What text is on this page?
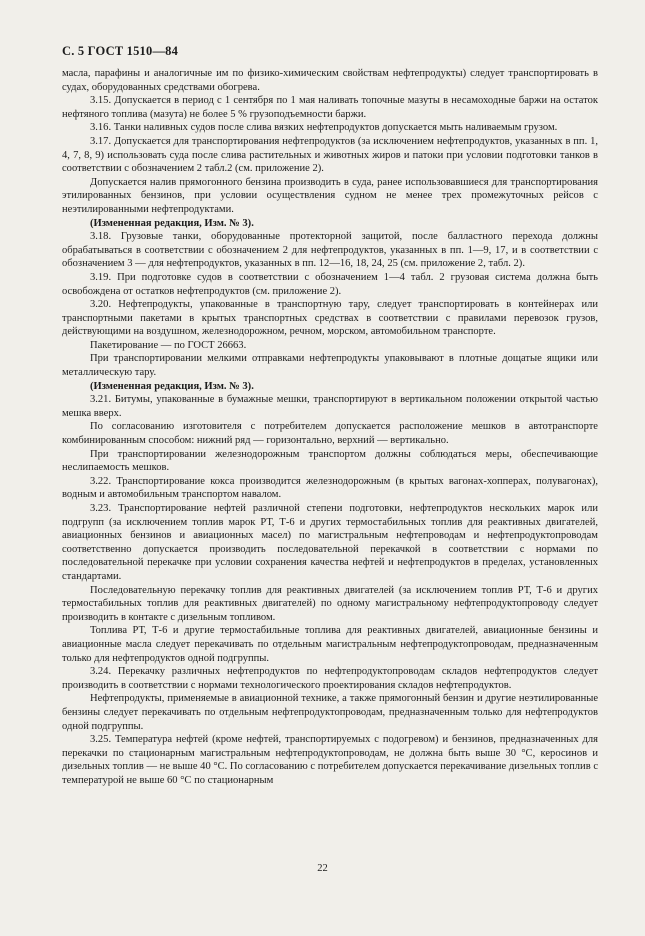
С. 5 ГОСТ 1510—84

масла, парафины и аналогичные им по физико-химическим свойствам нефтепродукты) следует транспортировать в судах, оборудованных средствами обогрева.

3.15. Допускается в период с 1 сентября по 1 мая наливать топочные мазуты в несамоходные баржи на остаток нефтяного топлива (мазута) не более 5 % грузоподъемности баржи.

3.16. Танки наливных судов после слива вязких нефтепродуктов допускается мыть наливаемым грузом.

3.17. Допускается для транспортирования нефтепродуктов (за исключением нефтепродуктов, указанных в пп. 1, 4, 7, 8, 9) использовать суда после слива растительных и животных жиров и патоки при условии подготовки танков в соответствии с обозначением 2 табл.2 (см. приложение 2).

Допускается налив прямогонного бензина производить в суда, ранее использовавшиеся для транспортирования этилированных бензинов, при условии осуществления судном не менее трех промежуточных рейсов с неэтилированными нефтепродуктами.

(Измененная редакция, Изм. № 3).

3.18. Грузовые танки, оборудованные протекторной защитой, после балластного перехода должны обрабатываться в соответствии с обозначением 2 для нефтепродуктов, указанных в пп. 1—9, 17, и в соответствии с обозначением 3 — для нефтепродуктов, указанных в пп. 12—16, 18, 24, 25 (см. приложение 2, табл. 2).

3.19. При подготовке судов в соответствии с обозначением 1—4 табл. 2 грузовая система должна быть освобождена от остатков нефтепродуктов (см. приложение 2).

3.20. Нефтепродукты, упакованные в транспортную тару, следует транспортировать в контейнерах или транспортными пакетами в крытых транспортных средствах в соответствии с правилами перевозок грузов, действующими на воздушном, железнодорожном, речном, морском, автомобильном транспорте.

Пакетирование — по ГОСТ 26663.

При транспортировании мелкими отправками нефтепродукты упаковывают в плотные дощатые ящики или металлическую тару.

(Измененная редакция, Изм. № 3).

3.21. Битумы, упакованные в бумажные мешки, транспортируют в вертикальном положении открытой частью мешка вверх.

По согласованию изготовителя с потребителем допускается расположение мешков в автотранспорте комбинированным способом: нижний ряд — горизонтально, верхний — вертикально.

При транспортировании железнодорожным транспортом должны соблюдаться меры, обеспечивающие неслипаемость мешков.

3.22. Транспортирование кокса производится железнодорожным (в крытых вагонах-хопперах, полувагонах), водным и автомобильным транспортом навалом.

3.23. Транспортирование нефтей различной степени подготовки, нефтепродуктов нескольких марок или подгрупп (за исключением топлив марок РТ, Т-6 и других термостабильных топлив для реактивных двигателей, авиационных бензинов и авиационных масел) по магистральным нефтепроводам и нефтепродуктопроводам соответственно допускается производить последовательной перекачкой в соответствии с нормами по последовательной перекачке при условии сохранения качества нефтей и нефтепродуктов в пределах, установленных стандартами.

Последовательную перекачку топлив для реактивных двигателей (за исключением топлив РТ, Т-6 и других термостабильных топлив для реактивных двигателей) по одному магистральному нефтепродуктопроводу следует производить в контакте с дизельным топливом.

Топлива РТ, Т-6 и другие термостабильные топлива для реактивных двигателей, авиационные бензины и авиационные масла следует перекачивать по отдельным магистральным нефтепродуктопроводам, предназначенным только для нефтепродуктов одной подгруппы.

3.24. Перекачку различных нефтепродуктов по нефтепродуктопроводам складов нефтепродуктов следует производить в соответствии с нормами технологического проектирования складов нефтепродуктов.

Нефтепродукты, применяемые в авиационной технике, а также прямогонный бензин и другие неэтилированные бензины следует перекачивать по отдельным нефтепродуктопроводам, предназначенным только для нефтепродуктов одной подгруппы.

3.25. Температура нефтей (кроме нефтей, транспортируемых с подогревом) и бензинов, предназначенных для перекачки по стационарным магистральным нефтепродуктопроводам, не должна быть выше 30 °С, керосинов и дизельных топлив — не выше 40 °С. По согласованию с потребителем допускается перекачивание дизельных топлив с температурой не выше 60 °С по стационарным

22
